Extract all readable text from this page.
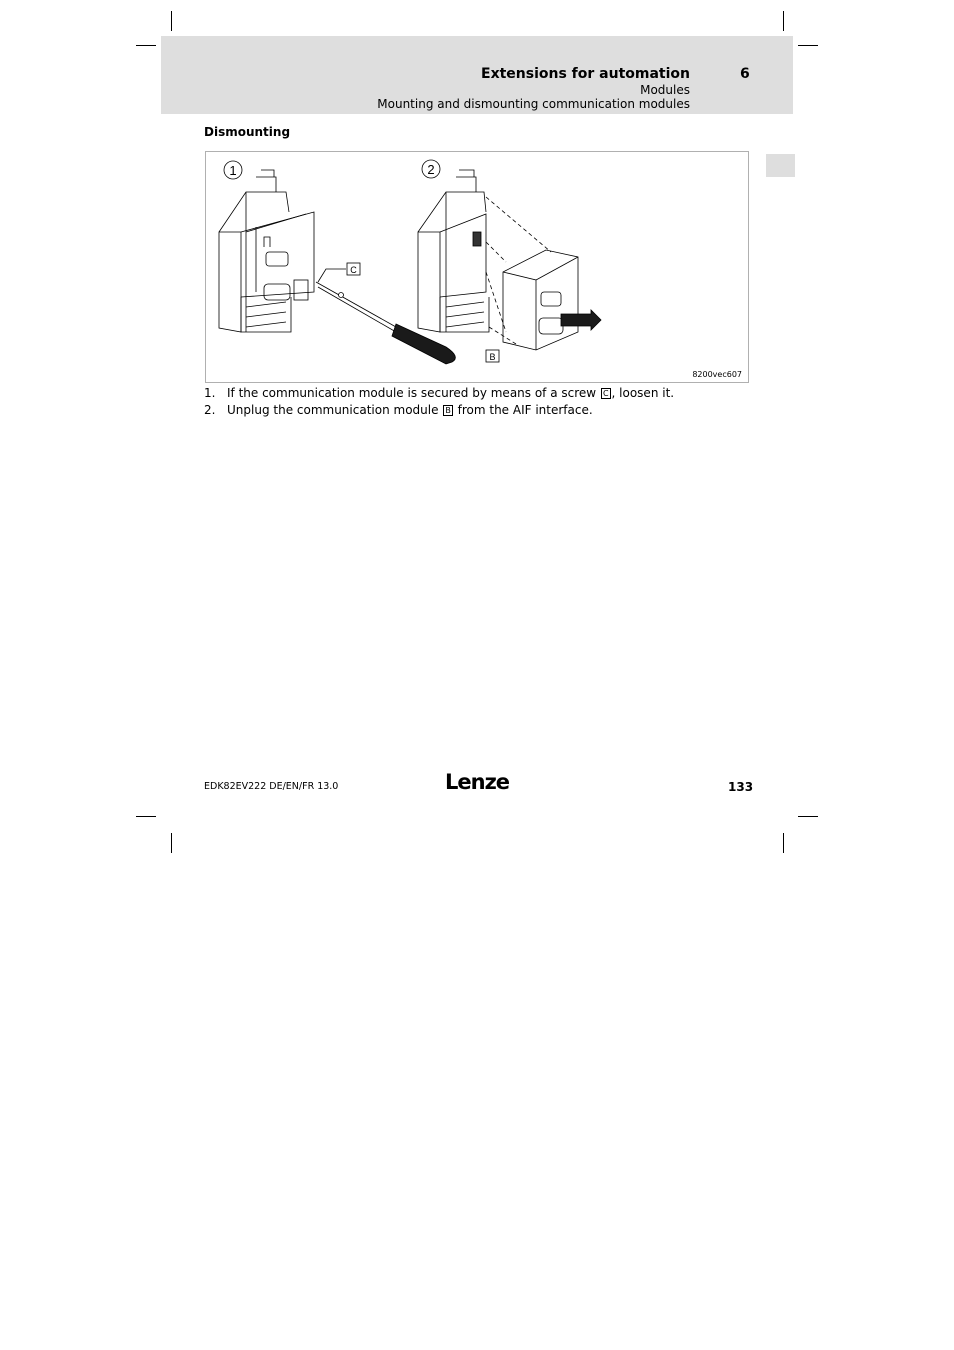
Extensions for automation	6
Modules
Mounting and dismounting communication modules
Dismounting
1	2
C
B
8200vec607
1. If the communication module is secured by means of a screw C , loosen it.
2. Unplug the communication module B from the AIF interface.
EDK82EV222 DE/EN/FR 13.0	Lenze	133
